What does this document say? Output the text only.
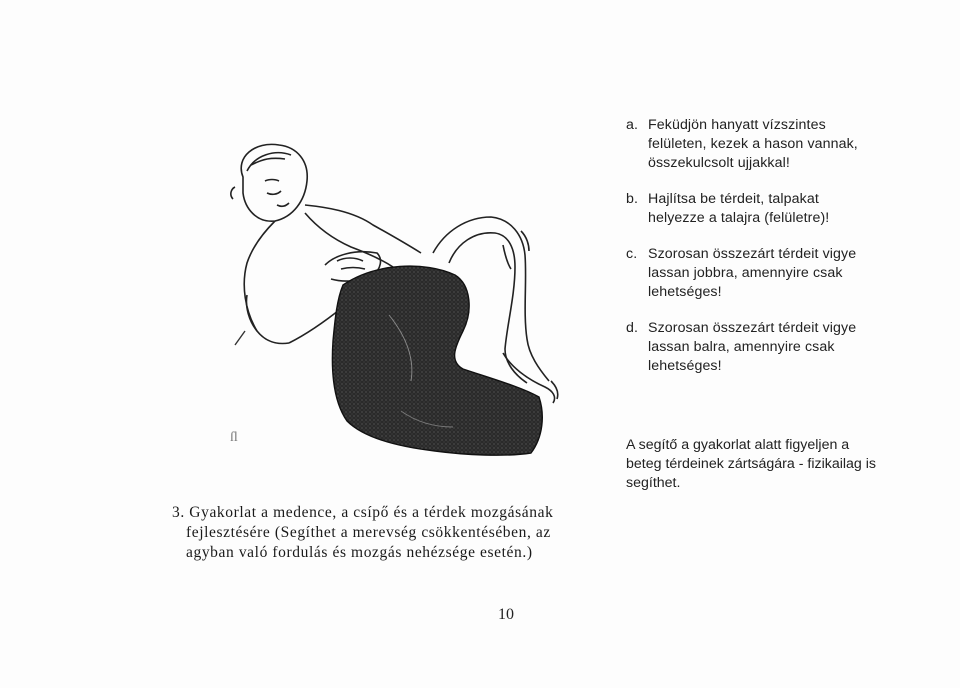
a. Feküdjön hanyatt vízszintes felületen, kezek a hason vannak, összekulcsolt ujjakkal!
b. Hajlítsa be térdeit, talpakat helyezze a talajra (felületre)!
c. Szorosan összezárt térdeit vigye lassan jobbra, amennyire csak lehetséges!
d. Szorosan összezárt térdeit vigye lassan balra, amennyire csak lehetséges!
A segítő a gyakorlat alatt figyeljen a beteg térdeinek zártságára - fizikailag is segíthet.
3. Gyakorlat a medence, a csípő és a térdek mozgásának
fejlesztésére (Segíthet a merevség csökkentésében, az
agyban való fordulás és mozgás nehézsége esetén.)
10
ſl
